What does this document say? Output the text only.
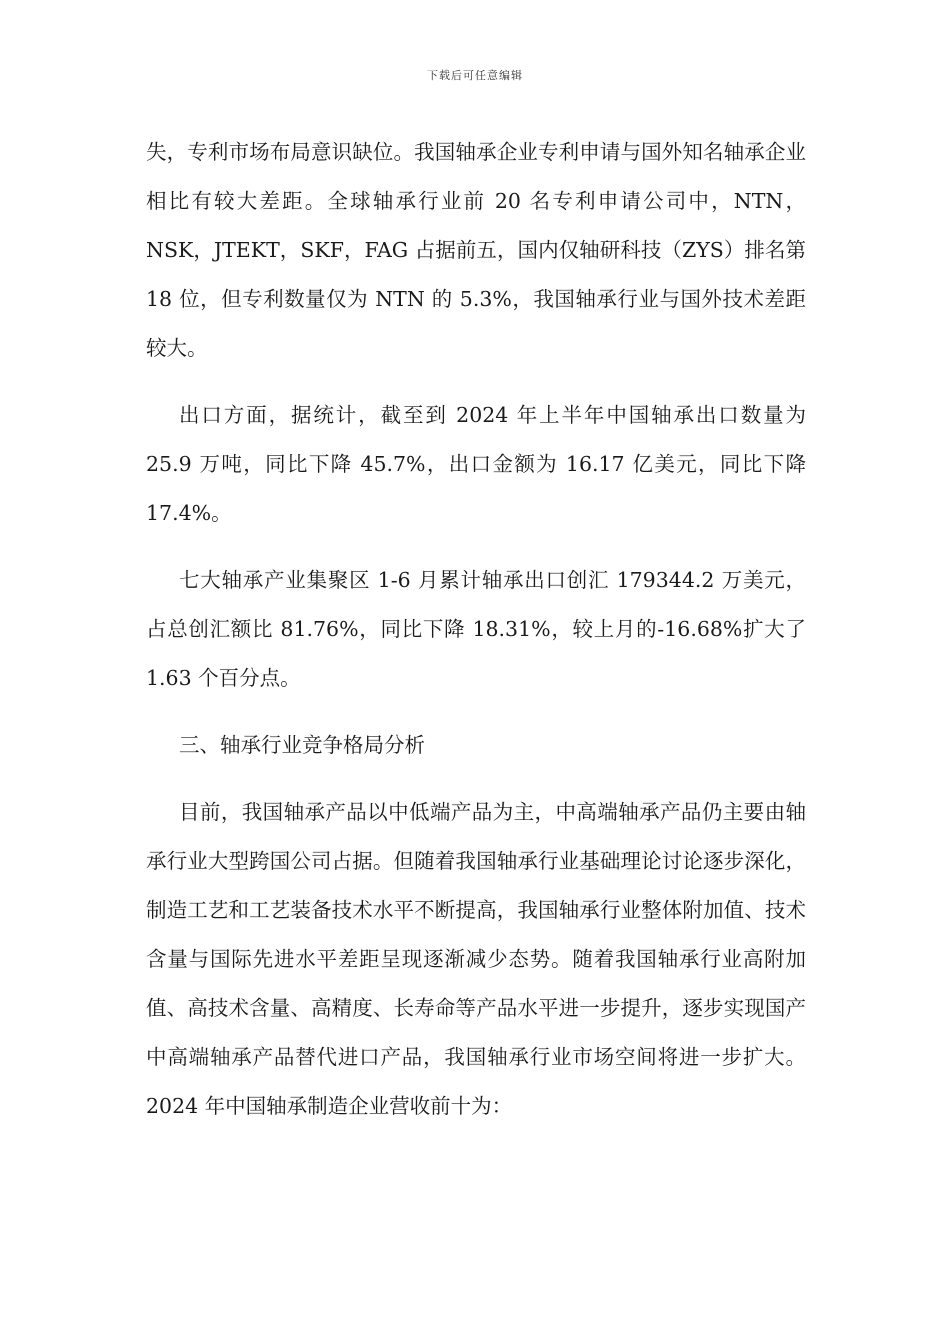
下载后可任意编辑

失，专利市场布局意识缺位。我国轴承企业专利申请与国外知名轴承企业相比有较大差距。全球轴承行业前 20 名专利申请公司中，NTN，NSK，JTEKT，SKF，FAG 占据前五，国内仅轴研科技（ZYS）排名第 18 位，但专利数量仅为 NTN 的 5.3%，我国轴承行业与国外技术差距较大。

出口方面，据统计，截至到 2024 年上半年中国轴承出口数量为 25.9 万吨，同比下降 45.7%，出口金额为 16.17 亿美元，同比下降 17.4%。

七大轴承产业集聚区 1-6 月累计轴承出口创汇 179344.2 万美元，占总创汇额比 81.76%，同比下降 18.31%，较上月的-16.68%扩大了 1.63 个百分点。

三、轴承行业竞争格局分析

目前，我国轴承产品以中低端产品为主，中高端轴承产品仍主要由轴承行业大型跨国公司占据。但随着我国轴承行业基础理论讨论逐步深化，制造工艺和工艺装备技术水平不断提高，我国轴承行业整体附加值、技术含量与国际先进水平差距呈现逐渐减少态势。随着我国轴承行业高附加值、高技术含量、高精度、长寿命等产品水平进一步提升，逐步实现国产中高端轴承产品替代进口产品，我国轴承行业市场空间将进一步扩大。2024 年中国轴承制造企业营收前十为：
